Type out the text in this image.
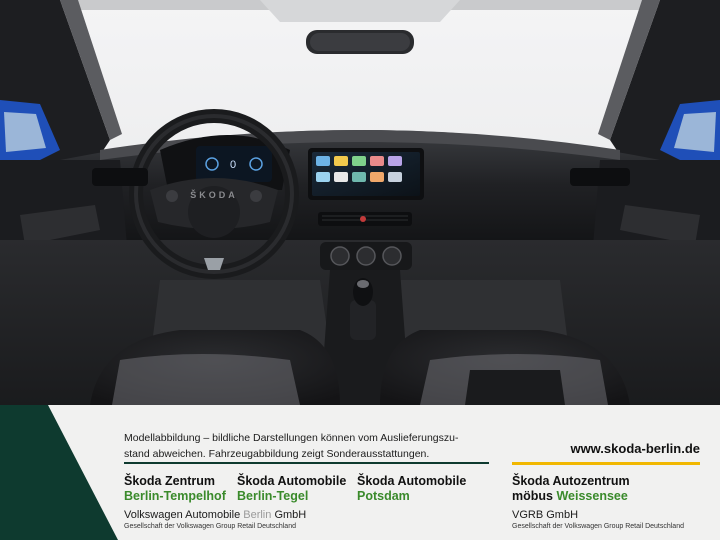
0
ŠKODA
Modellabbildung – bildliche Darstellungen können vom Auslieferungszu-stand abweichen. Fahrzeugabbildung zeigt Sonderausstattungen.	www.skoda-berlin.de
Škoda Zentrum
Berlin-Tempelhof
Škoda Automobile
Berlin-Tegel
Škoda Automobile
Potsdam
Škoda Autozentrum
möbus Weissensee
Volkswagen Automobile Berlin GmbH
Gesellschaft der Volkswagen Group Retail Deutschland
VGRB GmbH
Gesellschaft der Volkswagen Group Retail Deutschland
